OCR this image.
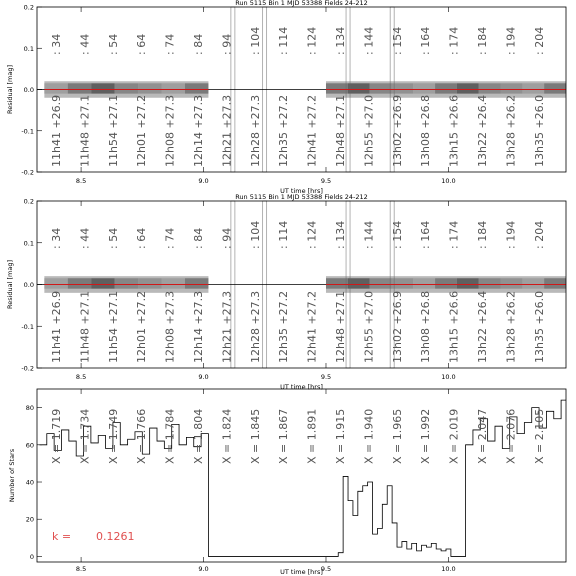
: 34
11h41 +26.9
: 44
11h48 +27.1
: 54
11h54 +27.1
: 64
12h01 +27.2
: 74
12h08 +27.3
: 84
12h14 +27.3
: 94
12h21 +27.3
: 104
12h28 +27.3
: 114
12h35 +27.2
: 124
12h41 +27.2
: 134
12h48 +27.1
: 144
12h55 +27.0
: 154
13h02 +26.9
: 164
13h08 +26.8
: 174
13h15 +26.6
: 184
13h22 +26.4
: 194
13h28 +26.2
: 204
13h35 +26.0
8.5	9.0	9.5	10.0
-0.2
-0.1
0.0
0.1
0.2
Run 5115 Bin 1 MJD 53388 Fields 24-212
UT time [hrs]
Residual [mag]
: 34
11h41 +26.9
: 44
11h48 +27.1
: 54
11h54 +27.1
: 64
12h01 +27.2
: 74
12h08 +27.3
: 84
12h14 +27.3
: 94
12h21 +27.3
: 104
12h28 +27.3
: 114
12h35 +27.2
: 124
12h41 +27.2
: 134
12h48 +27.1
: 144
12h55 +27.0
: 154
13h02 +26.9
: 164
13h08 +26.8
: 174
13h15 +26.6
: 184
13h22 +26.4
: 194
13h28 +26.2
: 204
13h35 +26.0
8.5	9.0	9.5	10.0
-0.2
-0.1
0.0
0.1
0.2
Run 5115 Bin 1 MJD 53388 Fields 24-212
UT time [hrs]
Residual [mag]
X = 1.719 X = 1.734 X = 1.749 X = 1.766 X = 1.784 X = 1.804 X = 1.824 X = 1.845 X = 1.867 X = 1.891 X = 1.915 X = 1.940 X = 1.965 X = 1.992 X = 2.019 X = 2.047 X = 2.076 X = 2.105
k = 0.1261
8.5	9.0	9.5	10.0
0
20
40
60
80
UT time [hrs]
Number of Stars
